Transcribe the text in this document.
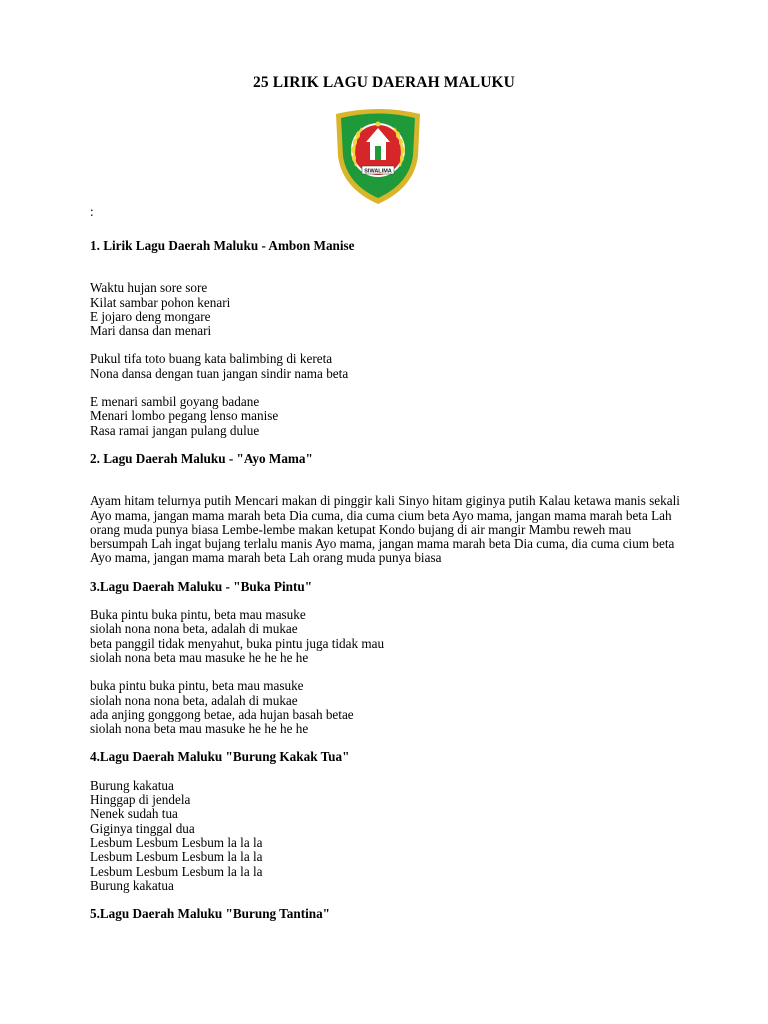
25 LIRIK LAGU DAERAH MALUKU
SIWALIMA
:
1. Lirik Lagu Daerah Maluku - Ambon Manise
Waktu hujan sore sore
Kilat sambar pohon kenari
E jojaro deng mongare
Mari dansa dan menari
Pukul tifa toto buang kata balimbing di kereta
Nona dansa dengan tuan jangan sindir nama beta
E menari sambil goyang badane
Menari lombo pegang lenso manise
Rasa ramai jangan pulang dulue
2. Lagu Daerah Maluku - "Ayo Mama"
Ayam hitam telurnya putih Mencari makan di pinggir kali Sinyo hitam giginya putih Kalau ketawa manis sekali Ayo mama, jangan mama marah beta Dia cuma, dia cuma cium beta Ayo mama, jangan mama marah beta Lah orang muda punya biasa Lembe-lembe makan ketupat Kondo bujang di air mangir Mambu reweh mau bersumpah Lah ingat bujang terlalu manis Ayo mama, jangan mama marah beta Dia cuma, dia cuma cium beta Ayo mama, jangan mama marah beta Lah orang muda punya biasa
3.Lagu Daerah Maluku - "Buka Pintu"
Buka pintu buka pintu, beta mau masuke
siolah nona nona beta, adalah di mukae
beta panggil tidak menyahut, buka pintu juga tidak mau
siolah nona beta mau masuke he he he he
buka pintu buka pintu, beta mau masuke
siolah nona nona beta, adalah di mukae
ada anjing gonggong betae, ada hujan basah betae
siolah nona beta mau masuke he he he he
4.Lagu Daerah Maluku "Burung Kakak Tua"
Burung kakatua
Hinggap di jendela
Nenek sudah tua
Giginya tinggal dua
Lesbum Lesbum Lesbum la la la
Lesbum Lesbum Lesbum la la la
Lesbum Lesbum Lesbum la la la
Burung kakatua
5.Lagu Daerah Maluku "Burung Tantina"
